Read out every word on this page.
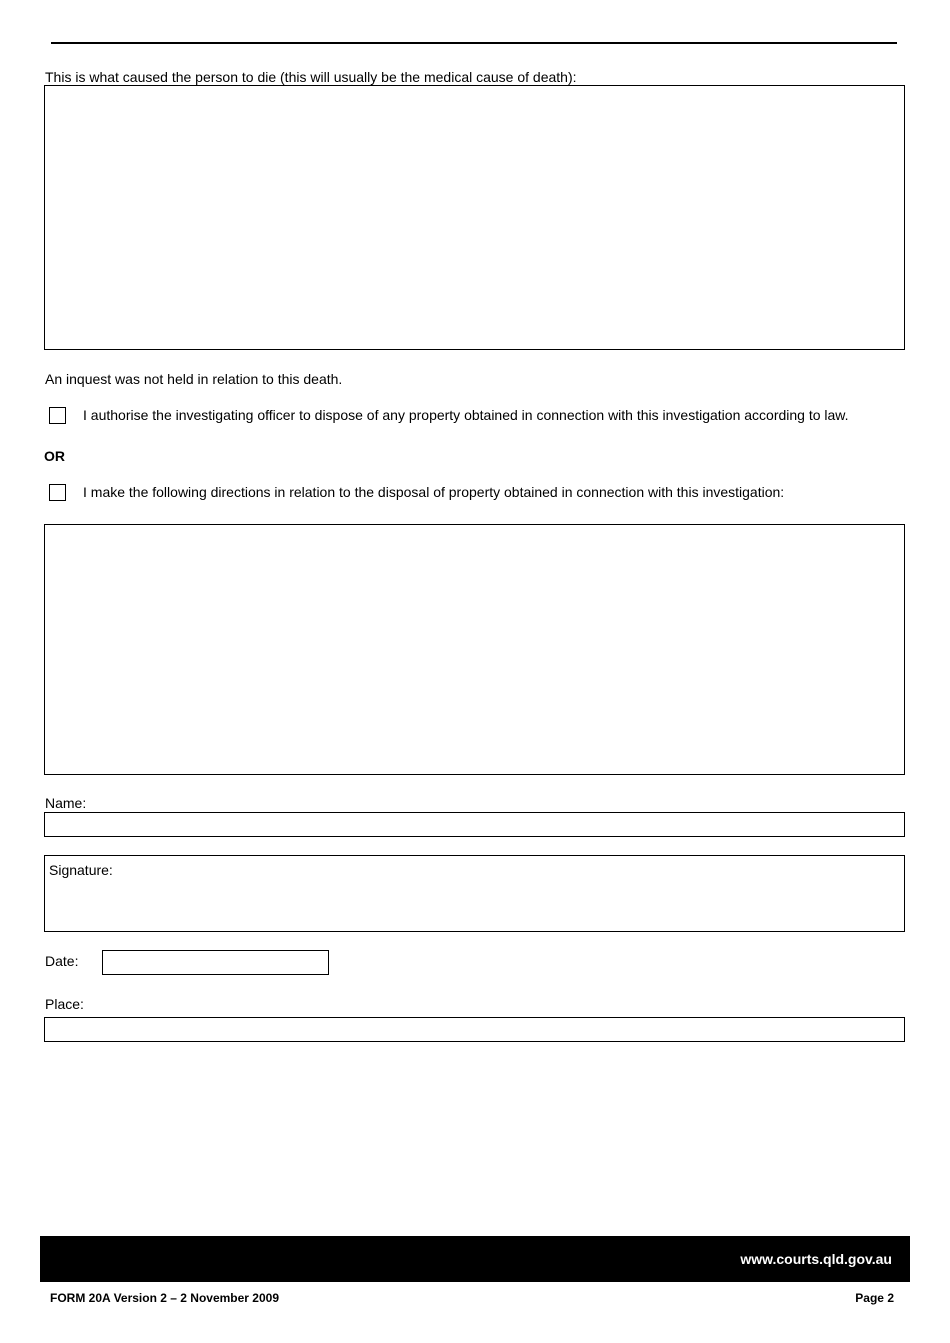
This is what caused the person to die (this will usually be the medical cause of death):
An inquest was not held in relation to this death.
I authorise the investigating officer to dispose of any property obtained in connection with this investigation according to law.
OR
I make the following directions in relation to the disposal of property obtained in connection with this investigation:
Name:
Signature:
Date:
Place:
www.courts.qld.gov.au
FORM 20A Version 2 – 2 November 2009	Page 2
